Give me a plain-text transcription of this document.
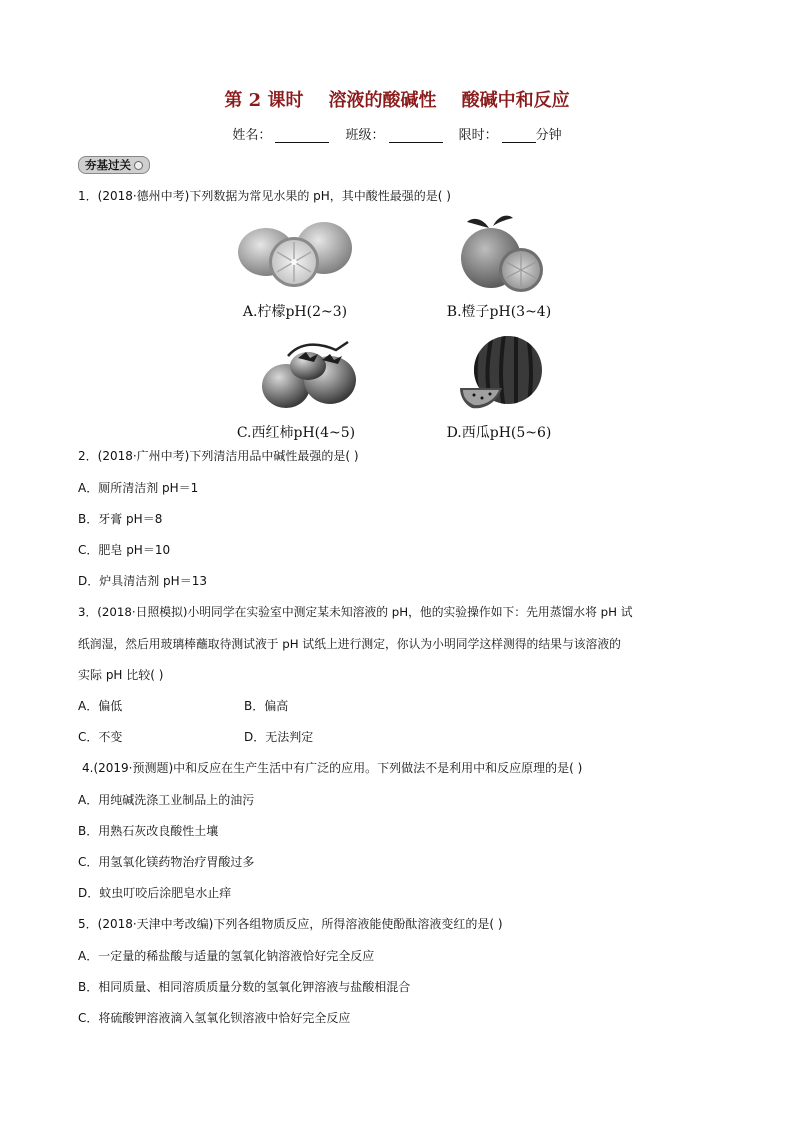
第 2 课时    溶液的酸碱性    酸碱中和反应
姓名：	班级：	限时：	分钟
夯基过关
1．(2018·德州中考)下列数据为常见水果的 pH，其中酸性最强的是( )
A.柠檬pH(2~3)	B.橙子pH(3~4)
C.西红柿pH(4~5)	D.西瓜pH(5~6)
2．(2018·广州中考)下列清洁用品中碱性最强的是( )
A．厕所清洁剂 pH＝1
B．牙膏 pH＝8
C．肥皂 pH＝10
D．炉具清洁剂 pH＝13
3．(2018·日照模拟)小明同学在实验室中测定某未知溶液的 pH，他的实验操作如下：先用蒸馏水将 pH 试
纸润湿，然后用玻璃棒蘸取待测试液于 pH 试纸上进行测定，你认为小明同学这样测得的结果与该溶液的
实际 pH 比较( )
A．偏低	B．偏高
C．不变	D．无法判定
4.(2019·预测题)中和反应在生产生活中有广泛的应用。下列做法不是利用中和反应原理的是( )
A．用纯碱洗涤工业制品上的油污
B．用熟石灰改良酸性土壤
C．用氢氧化镁药物治疗胃酸过多
D．蚊虫叮咬后涂肥皂水止痒
5．(2018·天津中考改编)下列各组物质反应，所得溶液能使酚酞溶液变红的是( )
A．一定量的稀盐酸与适量的氢氧化钠溶液恰好完全反应
B．相同质量、相同溶质质量分数的氢氧化钾溶液与盐酸相混合
C．将硫酸钾溶液滴入氢氧化钡溶液中恰好完全反应
